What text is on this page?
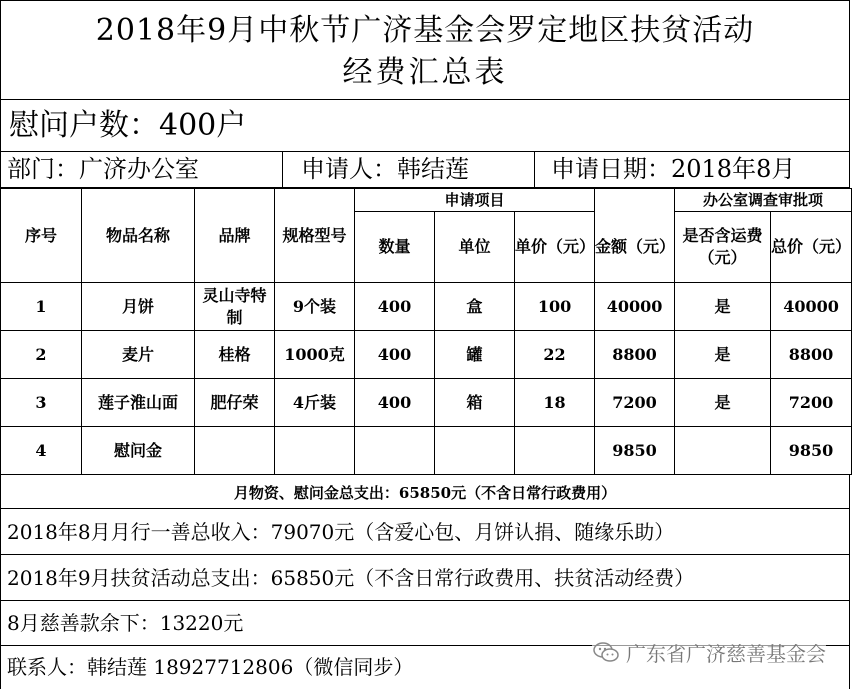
2018年9月中秋节广济基金会罗定地区扶贫活动
经费汇总表
慰问户数：400户
部门：广济办公室	申请人：韩结莲	申请日期：2018年8月
序号	物品名称	品牌	规格型号	申请项目				办公室调查审批项	
				数量	单位	单价（元）	金额（元）	是否含运费（元）	总价（元）
1	月饼	灵山寺特制	9个装	400	盒	100	40000	是	40000
2	麦片	桂格	1000克	400	罐	22	8800	是	8800
3	莲子淮山面	肥仔荣	4斤装	400	箱	18	7200	是	7200
4	慰问金						9850		9850
月物资、慰问金总支出：65850元（不含日常行政费用）
2018年8月月行一善总收入：79070元（含爱心包、月饼认捐、随缘乐助）
2018年9月扶贫活动总支出：65850元（不含日常行政费用、扶贫活动经费）
8月慈善款余下：13220元
联系人：韩结莲 18927712806（微信同步）
广东省广济慈善基金会
